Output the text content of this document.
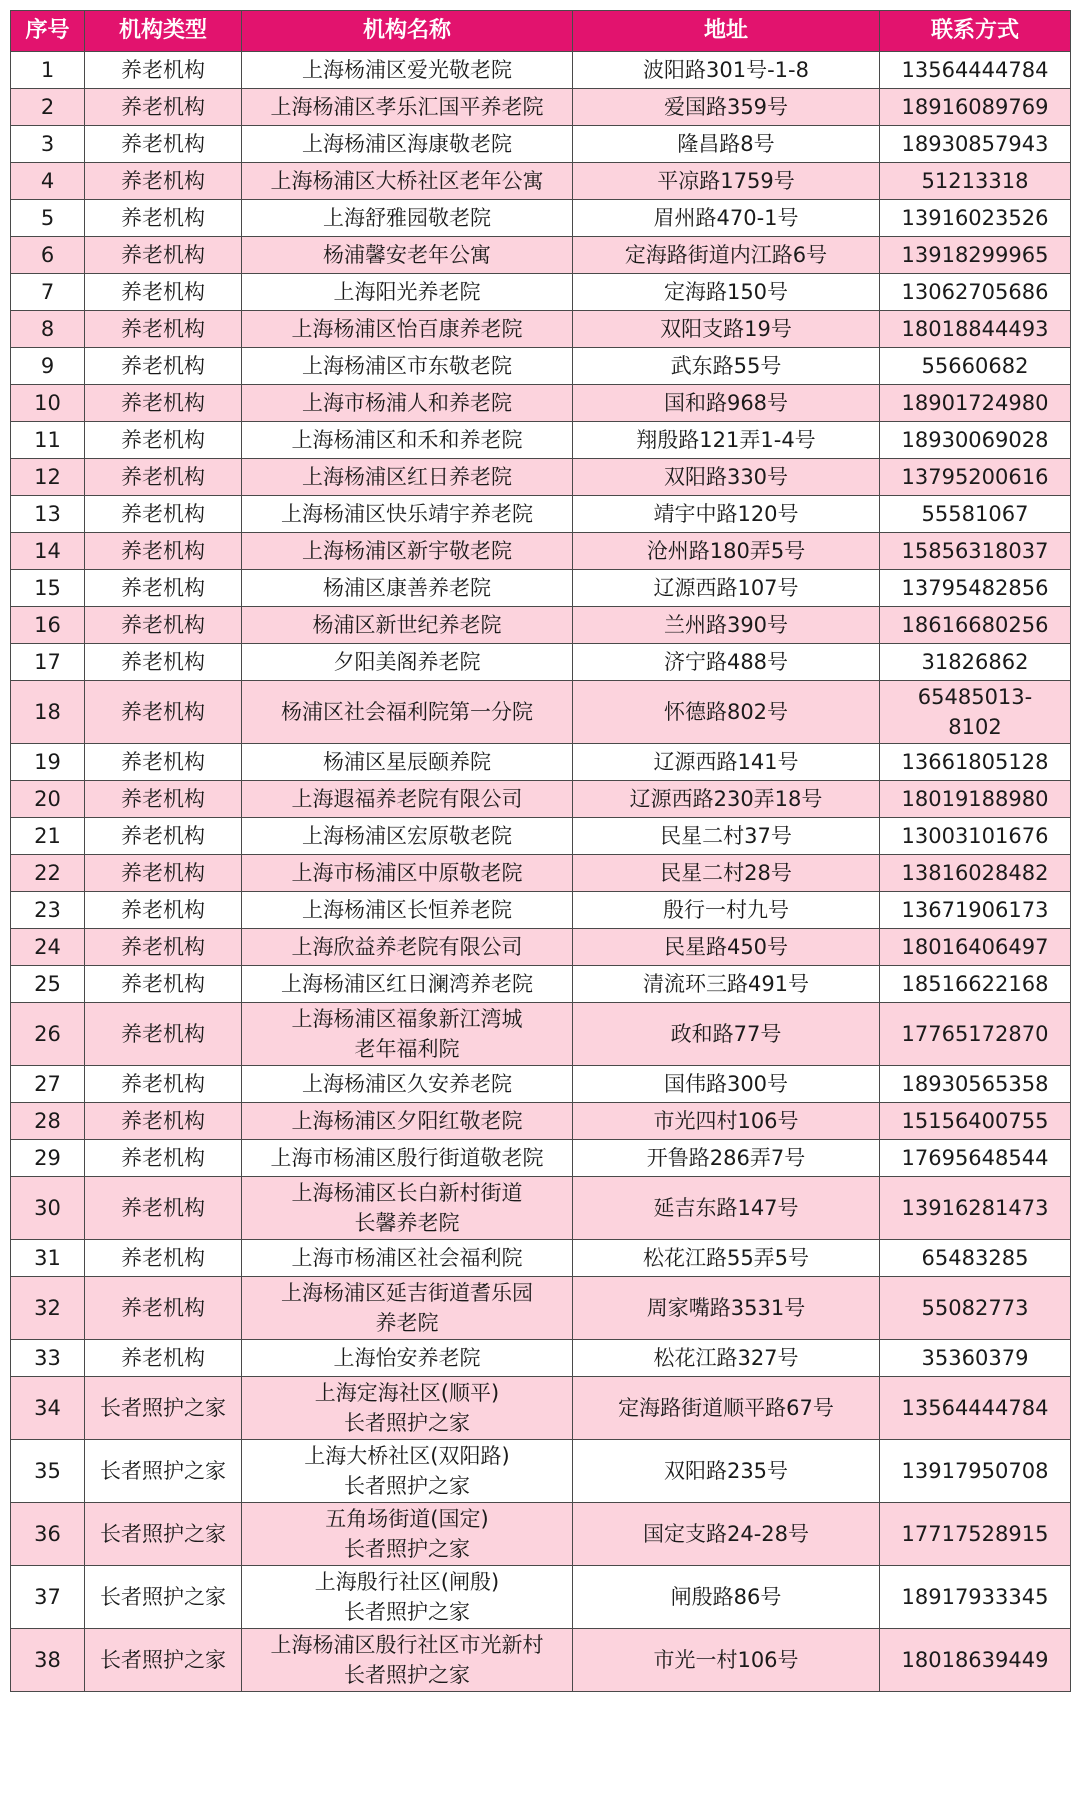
序号	机构类型	机构名称	地址	联系方式
1	养老机构	上海杨浦区爱光敬老院	波阳路301号-1-8	13564444784
2	养老机构	上海杨浦区孝乐汇国平养老院	爱国路359号	18916089769
3	养老机构	上海杨浦区海康敬老院	隆昌路8号	18930857943
4	养老机构	上海杨浦区大桥社区老年公寓	平凉路1759号	51213318
5	养老机构	上海舒雅园敬老院	眉州路470-1号	13916023526
6	养老机构	杨浦馨安老年公寓	定海路街道内江路6号	13918299965
7	养老机构	上海阳光养老院	定海路150号	13062705686
8	养老机构	上海杨浦区怡百康养老院	双阳支路19号	18018844493
9	养老机构	上海杨浦区市东敬老院	武东路55号	55660682
10	养老机构	上海市杨浦人和养老院	国和路968号	18901724980
11	养老机构	上海杨浦区和禾和养老院	翔殷路121弄1-4号	18930069028
12	养老机构	上海杨浦区红日养老院	双阳路330号	13795200616
13	养老机构	上海杨浦区快乐靖宇养老院	靖宇中路120号	55581067
14	养老机构	上海杨浦区新宇敬老院	沧州路180弄5号	15856318037
15	养老机构	杨浦区康善养老院	辽源西路107号	13795482856
16	养老机构	杨浦区新世纪养老院	兰州路390号	18616680256
17	养老机构	夕阳美阁养老院	济宁路488号	31826862
18	养老机构	杨浦区社会福利院第一分院	怀德路802号	65485013-
8102
19	养老机构	杨浦区星辰颐养院	辽源西路141号	13661805128
20	养老机构	上海遐福养老院有限公司	辽源西路230弄18号	18019188980
21	养老机构	上海杨浦区宏原敬老院	民星二村37号	13003101676
22	养老机构	上海市杨浦区中原敬老院	民星二村28号	13816028482
23	养老机构	上海杨浦区长恒养老院	殷行一村九号	13671906173
24	养老机构	上海欣益养老院有限公司	民星路450号	18016406497
25	养老机构	上海杨浦区红日澜湾养老院	清流环三路491号	18516622168
26	养老机构	上海杨浦区福象新江湾城
老年福利院	政和路77号	17765172870
27	养老机构	上海杨浦区久安养老院	国伟路300号	18930565358
28	养老机构	上海杨浦区夕阳红敬老院	市光四村106号	15156400755
29	养老机构	上海市杨浦区殷行街道敬老院	开鲁路286弄7号	17695648544
30	养老机构	上海杨浦区长白新村街道
长馨养老院	延吉东路147号	13916281473
31	养老机构	上海市杨浦区社会福利院	松花江路55弄5号	65483285
32	养老机构	上海杨浦区延吉街道耆乐园
养老院	周家嘴路3531号	55082773
33	养老机构	上海怡安养老院	松花江路327号	35360379
34	长者照护之家	上海定海社区(顺平)
长者照护之家	定海路街道顺平路67号	13564444784
35	长者照护之家	上海大桥社区(双阳路)
长者照护之家	双阳路235号	13917950708
36	长者照护之家	五角场街道(国定)
长者照护之家	国定支路24-28号	17717528915
37	长者照护之家	上海殷行社区(闸殷)
长者照护之家	闸殷路86号	18917933345
38	长者照护之家	上海杨浦区殷行社区市光新村
长者照护之家	市光一村106号	18018639449
